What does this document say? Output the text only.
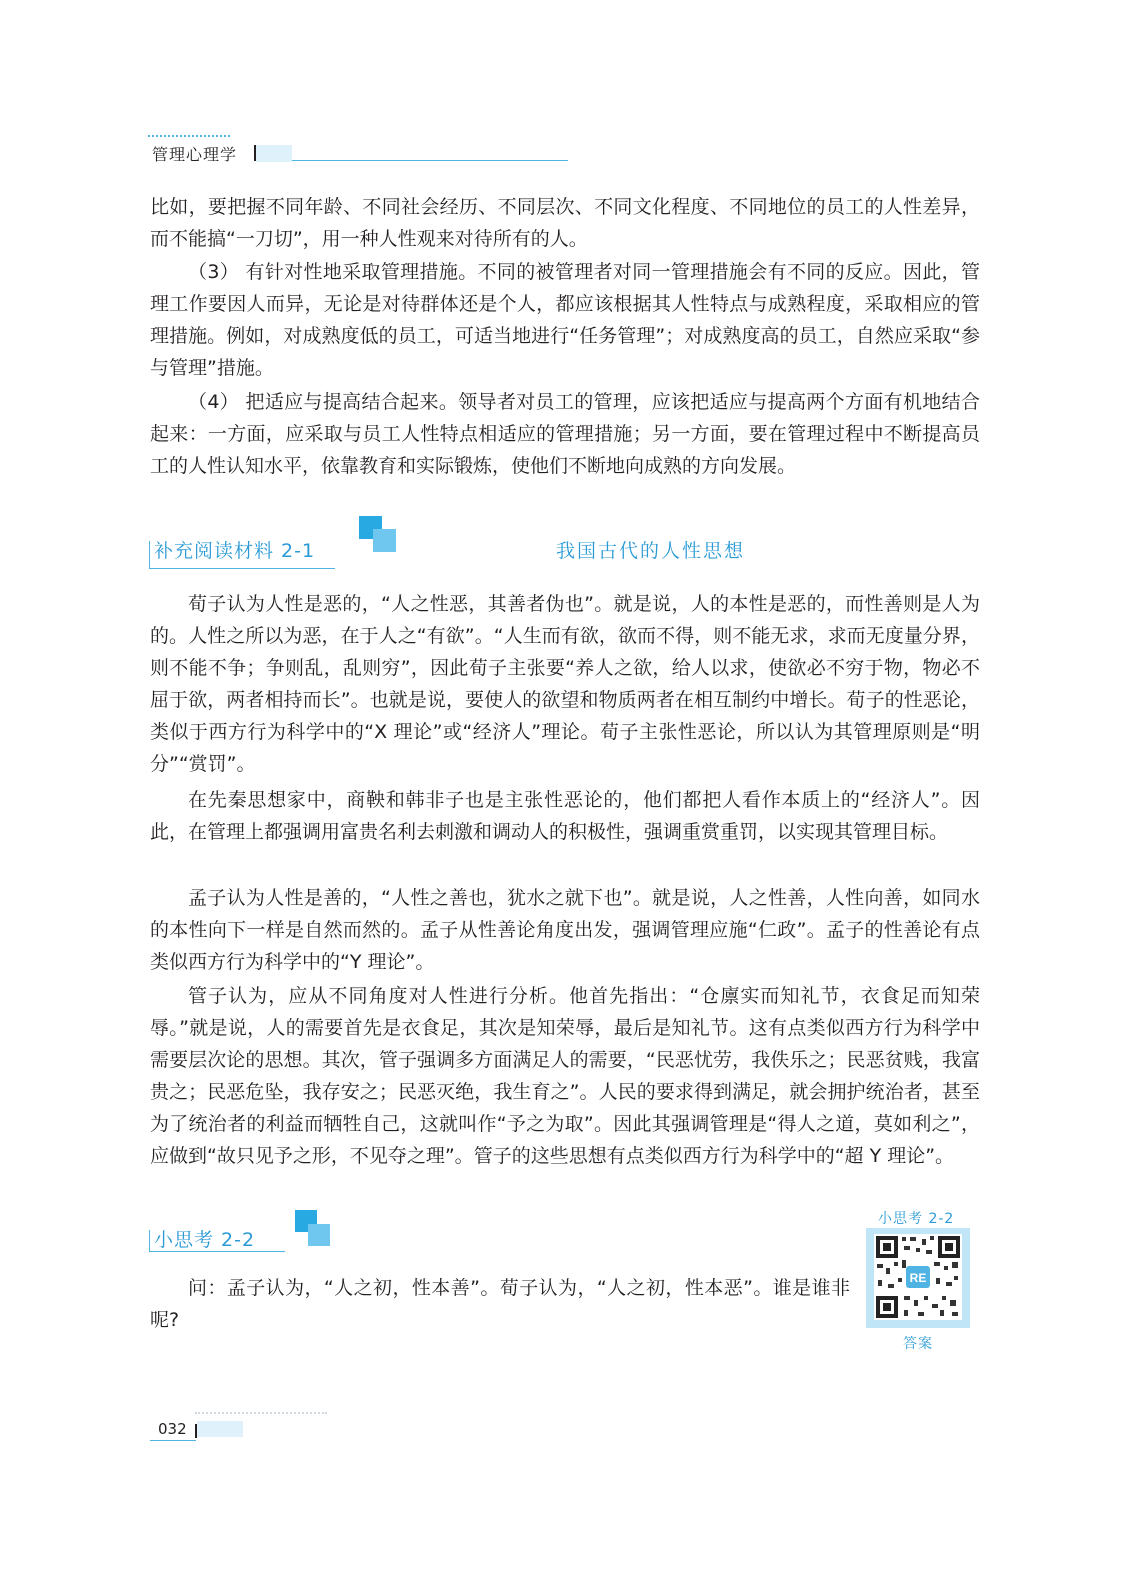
管理心理学

比如，要把握不同年龄、不同社会经历、不同层次、不同文化程度、不同地位的员工的人性差异，而不能搞“一刀切”，用一种人性观来对待所有的人。

（3） 有针对性地采取管理措施。不同的被管理者对同一管理措施会有不同的反应。因此，管理工作要因人而异，无论是对待群体还是个人，都应该根据其人性特点与成熟程度，采取相应的管理措施。例如，对成熟度低的员工，可适当地进行“任务管理”；对成熟度高的员工，自然应采取“参与管理”措施。

（4） 把适应与提高结合起来。领导者对员工的管理，应该把适应与提高两个方面有机地结合起来：一方面，应采取与员工人性特点相适应的管理措施；另一方面，要在管理过程中不断提高员工的人性认知水平，依靠教育和实际锻炼，使他们不断地向成熟的方向发展。

补充阅读材料 2-1	我国古代的人性思想

荀子认为人性是恶的，“人之性恶，其善者伪也”。就是说，人的本性是恶的，而性善则是人为的。人性之所以为恶，在于人之“有欲”。“人生而有欲，欲而不得，则不能无求，求而无度量分界，则不能不争；争则乱，乱则穷”，因此荀子主张要“养人之欲，给人以求，使欲必不穷于物，物必不屈于欲，两者相持而长”。也就是说，要使人的欲望和物质两者在相互制约中增长。荀子的性恶论，类似于西方行为科学中的“X 理论”或“经济人”理论。荀子主张性恶论，所以认为其管理原则是“明分”“赏罚”。

在先秦思想家中，商鞅和韩非子也是主张性恶论的，他们都把人看作本质上的“经济人”。因此，在管理上都强调用富贵名利去刺激和调动人的积极性，强调重赏重罚，以实现其管理目标。

孟子认为人性是善的，“人性之善也，犹水之就下也”。就是说，人之性善，人性向善，如同水的本性向下一样是自然而然的。孟子从性善论角度出发，强调管理应施“仁政”。孟子的性善论有点类似西方行为科学中的“Y 理论”。

管子认为，应从不同角度对人性进行分析。他首先指出：“仓廪实而知礼节，衣食足而知荣辱。”就是说，人的需要首先是衣食足，其次是知荣辱，最后是知礼节。这有点类似西方行为科学中需要层次论的思想。其次，管子强调多方面满足人的需要，“民恶忧劳，我佚乐之；民恶贫贱，我富贵之；民恶危坠，我存安之；民恶灭绝，我生育之”。人民的要求得到满足，就会拥护统治者，甚至为了统治者的利益而牺牲自己，这就叫作“予之为取”。因此其强调管理是“得人之道，莫如利之”，应做到“故只见予之形，不见夺之理”。管子的这些思想有点类似西方行为科学中的“超 Y 理论”。

小思考 2-2

问：孟子认为，“人之初，性本善”。荀子认为，“人之初，性本恶”。谁是谁非呢?

小思考 2-2
RE
答案
032
